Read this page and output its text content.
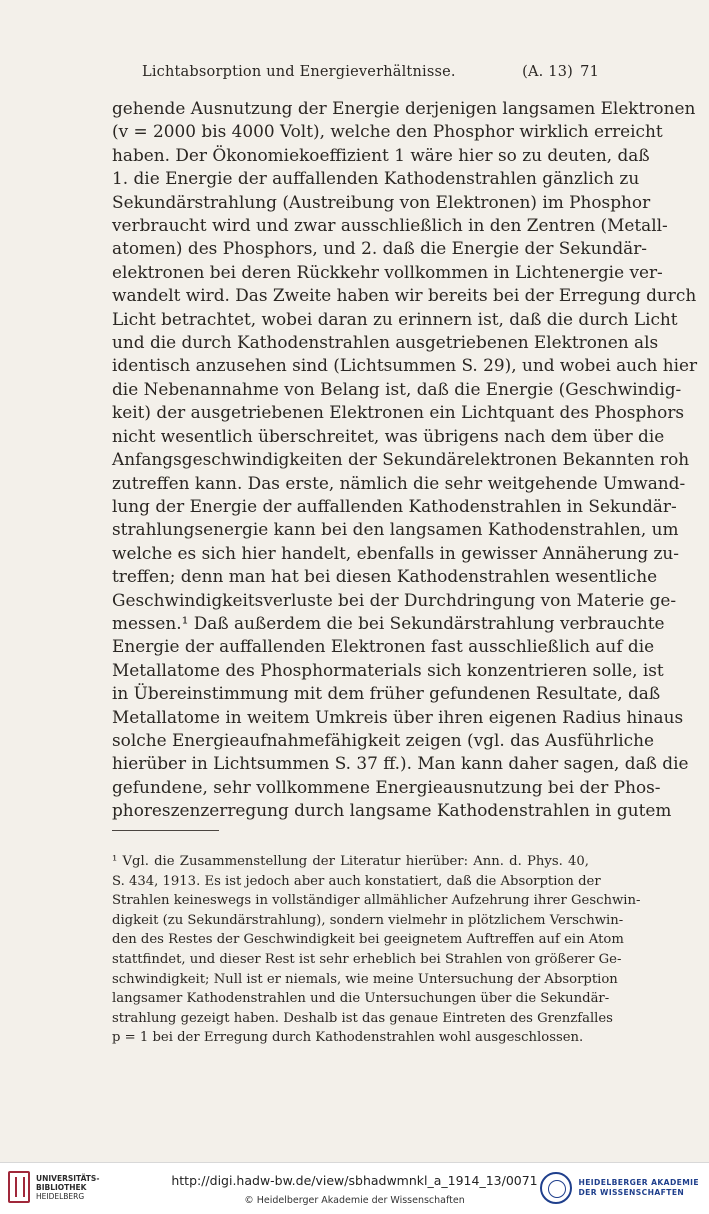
Lichtabsorption und Energieverhältnisse.	(A. 13) 71
gehende Ausnutzung der Energie derjenigen langsamen Elektronen
(v = 2000 bis 4000 Volt), welche den Phosphor wirklich erreicht
haben. Der Ökonomiekoeffizient 1 wäre hier so zu deuten, daß
1. die Energie der auffallenden Kathodenstrahlen gänzlich zu
Sekundärstrahlung (Austreibung von Elektronen) im Phosphor
verbraucht wird und zwar ausschließlich in den Zentren (Metall-
atomen) des Phosphors, und 2. daß die Energie der Sekundär-
elektronen bei deren Rückkehr vollkommen in Lichtenergie ver-
wandelt wird. Das Zweite haben wir bereits bei der Erregung durch
Licht betrachtet, wobei daran zu erinnern ist, daß die durch Licht
und die durch Kathodenstrahlen ausgetriebenen Elektronen als
identisch anzusehen sind (Lichtsummen S. 29), und wobei auch hier
die Nebenannahme von Belang ist, daß die Energie (Geschwindig-
keit) der ausgetriebenen Elektronen ein Lichtquant des Phosphors
nicht wesentlich überschreitet, was übrigens nach dem über die
Anfangsgeschwindigkeiten der Sekundärelektronen Bekannten roh
zutreffen kann. Das erste, nämlich die sehr weitgehende Umwand-
lung der Energie der auffallenden Kathodenstrahlen in Sekundär-
strahlungsenergie kann bei den langsamen Kathodenstrahlen, um
welche es sich hier handelt, ebenfalls in gewisser Annäherung zu-
treffen; denn man hat bei diesen Kathodenstrahlen wesentliche
Geschwindigkeitsverluste bei der Durchdringung von Materie ge-
messen.¹ Daß außerdem die bei Sekundärstrahlung verbrauchte
Energie der auffallenden Elektronen fast ausschließlich auf die
Metallatome des Phosphormaterials sich konzentrieren solle, ist
in Übereinstimmung mit dem früher gefundenen Resultate, daß
Metallatome in weitem Umkreis über ihren eigenen Radius hinaus
solche Energieaufnahmefähigkeit zeigen (vgl. das Ausführliche
hierüber in Lichtsummen S. 37 ff.). Man kann daher sagen, daß die
gefundene, sehr vollkommene Energieausnutzung bei der Phos-
phoreszenzerregung durch langsame Kathodenstrahlen in gutem
¹ Vgl. die Zusammenstellung der Literatur hierüber: Ann. d. Phys. 40,
S. 434, 1913. Es ist jedoch aber auch konstatiert, daß die Absorption der
Strahlen keineswegs in vollständiger allmählicher Aufzehrung ihrer Geschwin-
digkeit (zu Sekundärstrahlung), sondern vielmehr in plötzlichem Verschwin-
den des Restes der Geschwindigkeit bei geeignetem Auftreffen auf ein Atom
stattfindet, und dieser Rest ist sehr erheblich bei Strahlen von größerer Ge-
schwindigkeit; Null ist er niemals, wie meine Untersuchung der Absorption
langsamer Kathodenstrahlen und die Untersuchungen über die Sekundär-
strahlung gezeigt haben. Deshalb ist das genaue Eintreten des Grenzfalles
p = 1 bei der Erregung durch Kathodenstrahlen wohl ausgeschlossen.
UNIVERSITÄTS-
BIBLIOTHEK
HEIDELBERG
http://digi.hadw-bw.de/view/sbhadwmnkl_a_1914_13/0071
© Heidelberger Akademie der Wissenschaften
HEIDELBERGER AKADEMIE
DER WISSENSCHAFTEN
